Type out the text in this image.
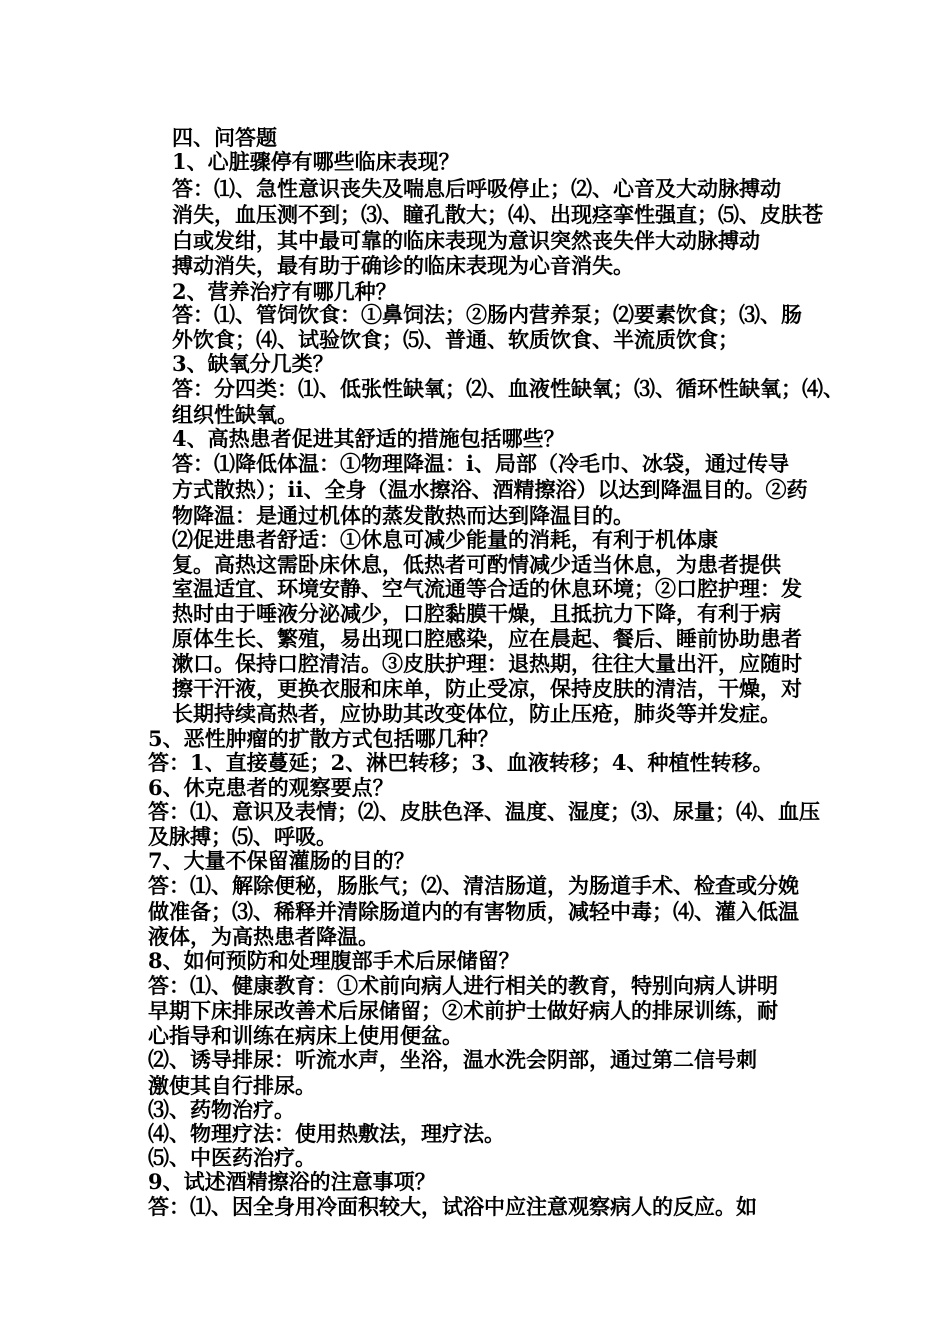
四、问答题
1、心脏骤停有哪些临床表现？
答：⑴、急性意识丧失及喘息后呼吸停止；⑵、心音及大动脉搏动
消失，血压测不到；⑶、瞳孔散大；⑷、出现痉挛性强直；⑸、皮肤苍
白或发绀，其中最可靠的临床表现为意识突然丧失伴大动脉搏动
搏动消失，最有助于确诊的临床表现为心音消失。
2、营养治疗有哪几种？
答：⑴、管饲饮食：①鼻饲法；②肠内营养泵；⑵要素饮食；⑶、肠
外饮食；⑷、试验饮食；⑸、普通、软质饮食、半流质饮食；
3、缺氧分几类？
答：分四类：⑴、低张性缺氧；⑵、血液性缺氧；⑶、循环性缺氧；⑷、
组织性缺氧。
4、高热患者促进其舒适的措施包括哪些？
答：⑴降低体温：①物理降温：ⅰ、局部（冷毛巾、冰袋，通过传导
方式散热）；ⅱ、全身（温水擦浴、酒精擦浴）以达到降温目的。②药
物降温：是通过机体的蒸发散热而达到降温目的。
⑵促进患者舒适：①休息可减少能量的消耗，有利于机体康
复。高热这需卧床休息，低热者可酌情减少适当休息，为患者提供
室温适宜、环境安静、空气流通等合适的休息环境；②口腔护理：发
热时由于唾液分泌减少，口腔黏膜干燥，且抵抗力下降，有利于病
原体生长、繁殖，易出现口腔感染，应在晨起、餐后、睡前协助患者
漱口。保持口腔清洁。③皮肤护理：退热期，往往大量出汗，应随时
擦干汗液，更换衣服和床单，防止受凉，保持皮肤的清洁，干燥，对
长期持续高热者，应协助其改变体位，防止压疮，肺炎等并发症。
5、恶性肿瘤的扩散方式包括哪几种？
答：1、直接蔓延；2、淋巴转移；3、血液转移；4、种植性转移。
6、休克患者的观察要点？
答：⑴、意识及表情；⑵、皮肤色泽、温度、湿度；⑶、尿量；⑷、血压
及脉搏；⑸、呼吸。
7、大量不保留灌肠的目的？
答：⑴、解除便秘，肠胀气；⑵、清洁肠道，为肠道手术、检查或分娩
做准备；⑶、稀释并清除肠道内的有害物质，减轻中毒；⑷、灌入低温
液体，为高热患者降温。
8、如何预防和处理腹部手术后尿储留？
答：⑴、健康教育：①术前向病人进行相关的教育，特别向病人讲明
早期下床排尿改善术后尿储留；②术前护士做好病人的排尿训练，耐
心指导和训练在病床上使用便盆。
⑵、诱导排尿：听流水声，坐浴，温水洗会阴部，通过第二信号刺
激使其自行排尿。
⑶、药物治疗。
⑷、物理疗法：使用热敷法，理疗法。
⑸、中医药治疗。
9、试述酒精擦浴的注意事项？
答：⑴、因全身用冷面积较大，试浴中应注意观察病人的反应。如
